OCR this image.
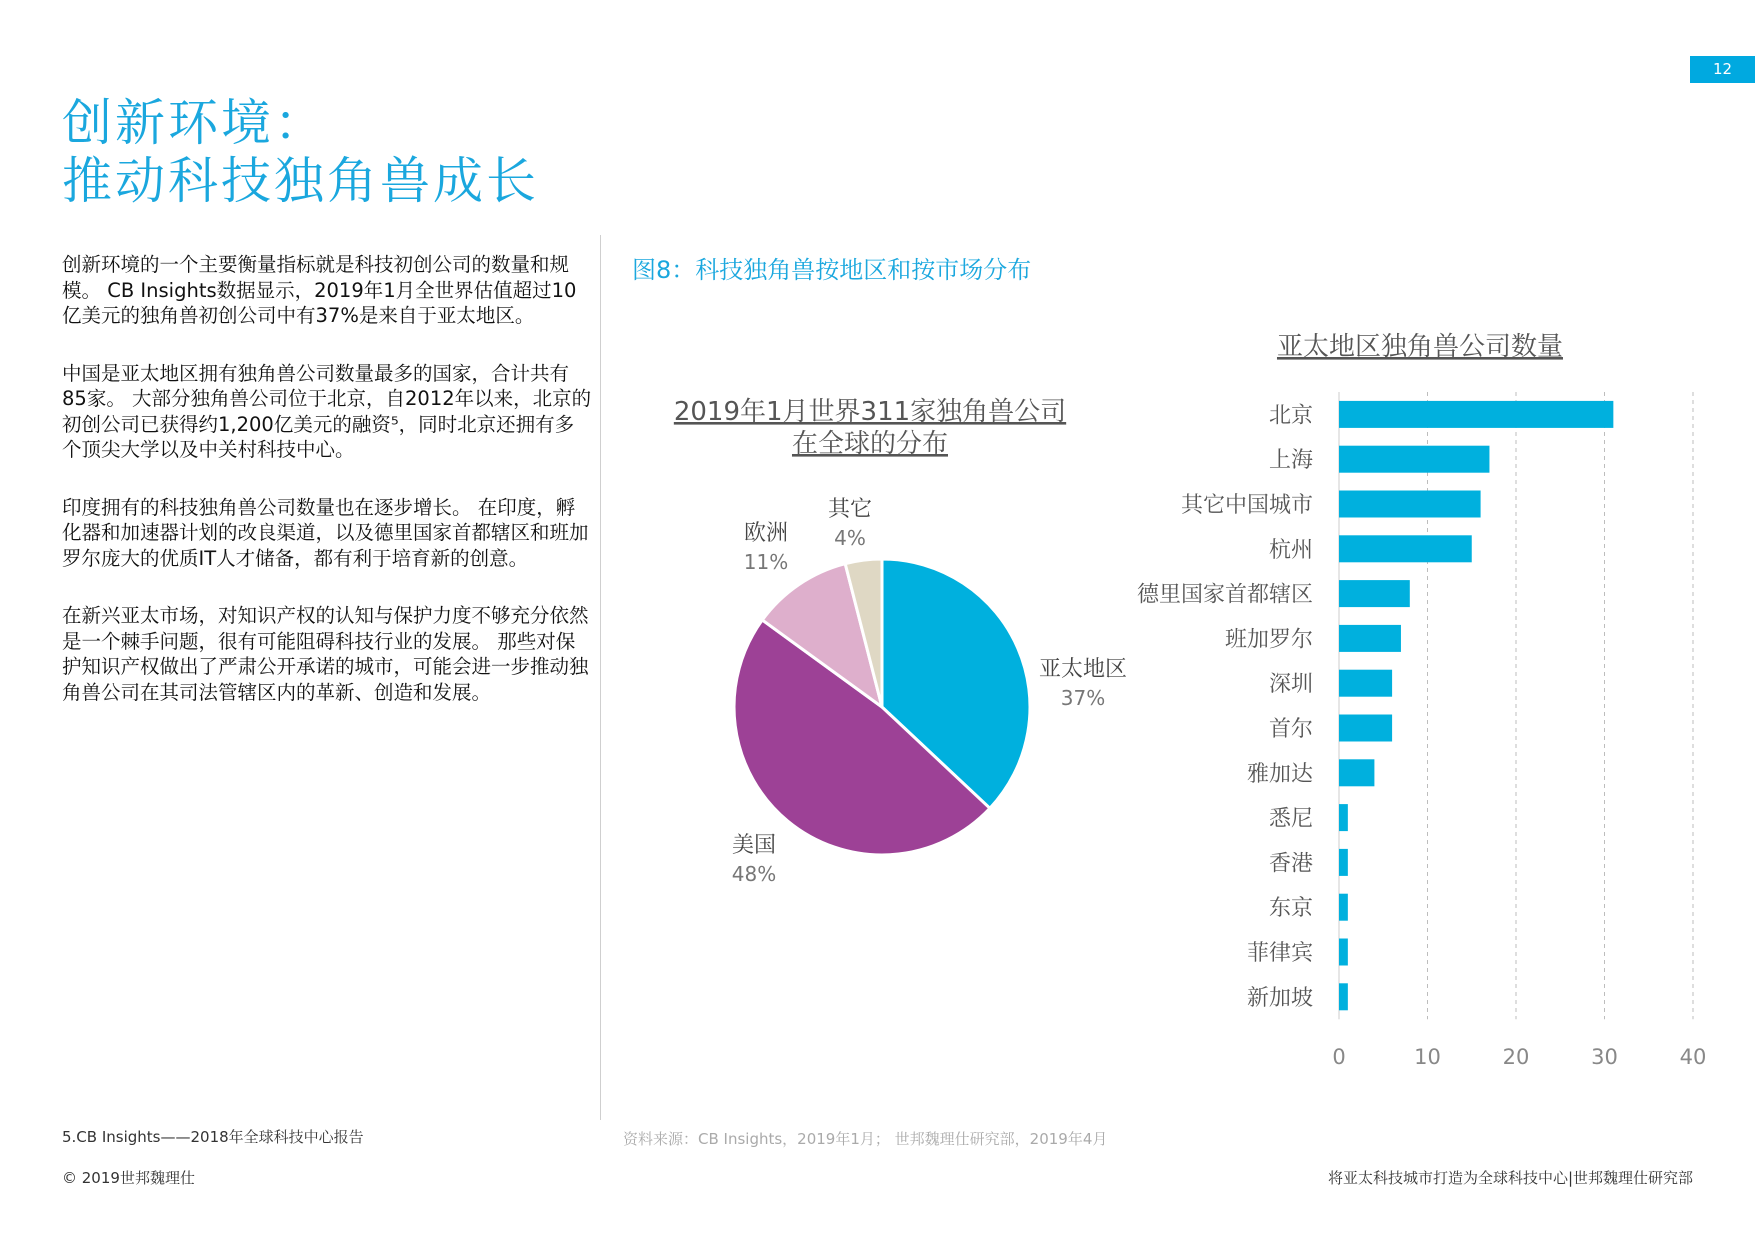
12
创新环境：
推动科技独角兽成长

创新环境的一个主要衡量指标就是科技初创公司的数量和规模。 CB Insights数据显示，2019年1月全世界估值超过10亿美元的独角兽初创公司中有37%是来自于亚太地区。

中国是亚太地区拥有独角兽公司数量最多的国家，合计共有85家。 大部分独角兽公司位于北京，自2012年以来，北京的初创公司已获得约1,200亿美元的融资⁵，同时北京还拥有多个顶尖大学以及中关村科技中心。

印度拥有的科技独角兽公司数量也在逐步增长。 在印度，孵化器和加速器计划的改良渠道，以及德里国家首都辖区和班加罗尔庞大的优质IT人才储备，都有利于培育新的创意。

在新兴亚太市场，对知识产权的认知与保护力度不够充分依然是一个棘手问题，很有可能阻碍科技行业的发展。 那些对保护知识产权做出了严肃公开承诺的城市，可能会进一步推动独角兽公司在其司法管辖区内的革新、创造和发展。

图8：科技独角兽按地区和按市场分布
2019年1月世界311家独角兽公司
在全球的分布
亚太地区
37%
美国
48%
欧洲
11%
其它
4%
亚太地区独角兽公司数量
0	10	20	30	40
北京
上海
其它中国城市
杭州
德里国家首都辖区
班加罗尔
深圳
首尔
雅加达
悉尼
香港
东京
菲律宾
新加坡
5.CB Insights——2018年全球科技中心报告	资料来源：CB Insights，2019年1月； 世邦魏理仕研究部，2019年4月
© 2019世邦魏理仕	将亚太科技城市打造为全球科技中心|世邦魏理仕研究部
